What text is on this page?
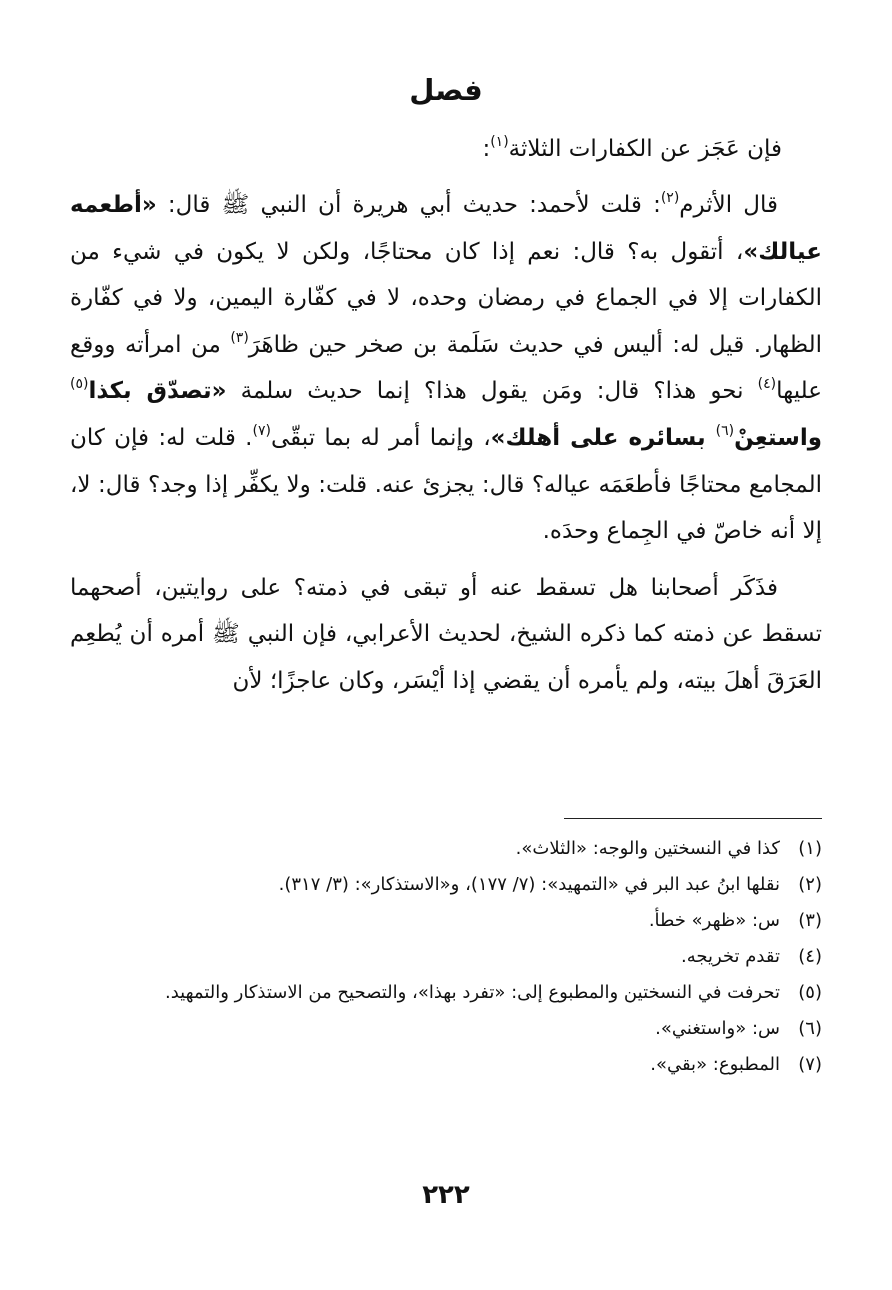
فصل

فإن عَجَز عن الكفارات الثلاثة$^{(١)}$:

قال الأثرم$^{(٢)}$: قلت لأحمد: حديث أبي هريرة أن النبي ﷺ قال: «أطعمه عيالك»، أتقول به؟ قال: نعم إذا كان محتاجًا، ولكن لا يكون في شيء من الكفارات إلا في الجماع في رمضان وحده، لا في كفّارة اليمين، ولا في كفّارة الظهار. قيل له: أليس في حديث سَلَمة بن صخر حين ظاهَرَ$^{(٣)}$ من امرأته ووقع عليها$^{(٤)}$ نحو هذا؟ قال: ومَن يقول هذا؟ إنما حديث سلمة «تصدّق بكذا$^{(٥)}$ واستعِنْ$^{(٦)}$ بسائره على أهلك»، وإنما أمر له بما تبقّى$^{(٧)}$. قلت له: فإن كان المجامع محتاجًا فأطعَمَه عياله؟ قال: يجزئ عنه. قلت: ولا يكفِّر إذا وجد؟ قال: لا، إلا أنه خاصّ في الجِماع وحدَه.

فذَكَر أصحابنا هل تسقط عنه أو تبقى في ذمته؟ على روايتين، أصحهما تسقط عن ذمته كما ذكره الشيخ، لحديث الأعرابي، فإن النبي ﷺ أمره أن يُطعِم العَرَقَ أهلَ بيته، ولم يأمره أن يقضي إذا أيْسَر، وكان عاجزًا؛ لأن

(١)
كذا في النسختين والوجه: «الثلاث».
(٢)
نقلها ابنُ عبد البر في «التمهيد»: (٧/ ١٧٧)، و«الاستذكار»: (٣/ ٣١٧).
(٣)
س: «ظهر» خطأ.
(٤)
تقدم تخريجه.
(٥)
تحرفت في النسختين والمطبوع إلى: «تفرد بهذا»، والتصحيح من الاستذكار والتمهيد.
(٦)
س: «واستغني».
(٧)
المطبوع: «بقي».
٢٢٢
